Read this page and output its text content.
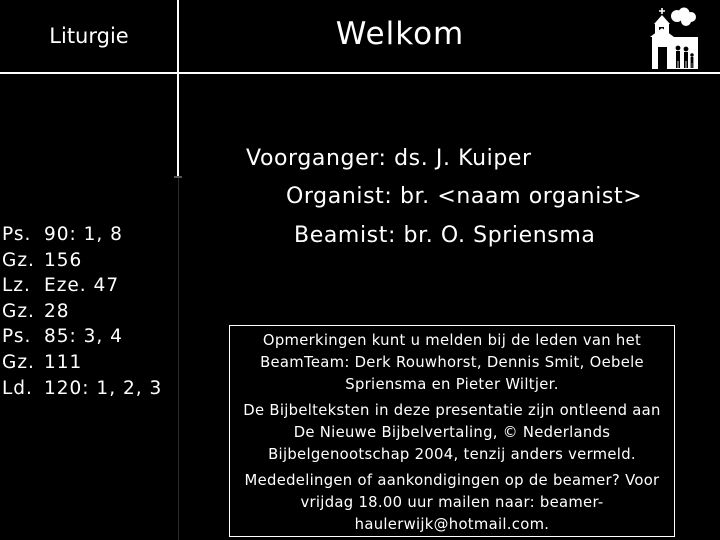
Liturgie	Welkom
Ps. 90: 1, 8
Gz. 156
Lz. Eze. 47
Gz. 28
Ps. 85: 3, 4
Gz. 111
Ld. 120: 1, 2, 3
Voorganger: ds. J. Kuiper
Organist: br. <naam organist>
Beamist: br. O. Spriensma

Opmerkingen kunt u melden bij de leden van het BeamTeam: Derk Rouwhorst, Dennis Smit, Oebele Spriensma en Pieter Wiltjer.

De Bijbelteksten in deze presentatie zijn ontleend aan De Nieuwe Bijbelvertaling, © Nederlands Bijbelgenootschap 2004, tenzij anders vermeld.

Mededelingen of aankondigingen op de beamer? Voor vrijdag 18.00 uur mailen naar: beamer-haulerwijk@hotmail.com.
